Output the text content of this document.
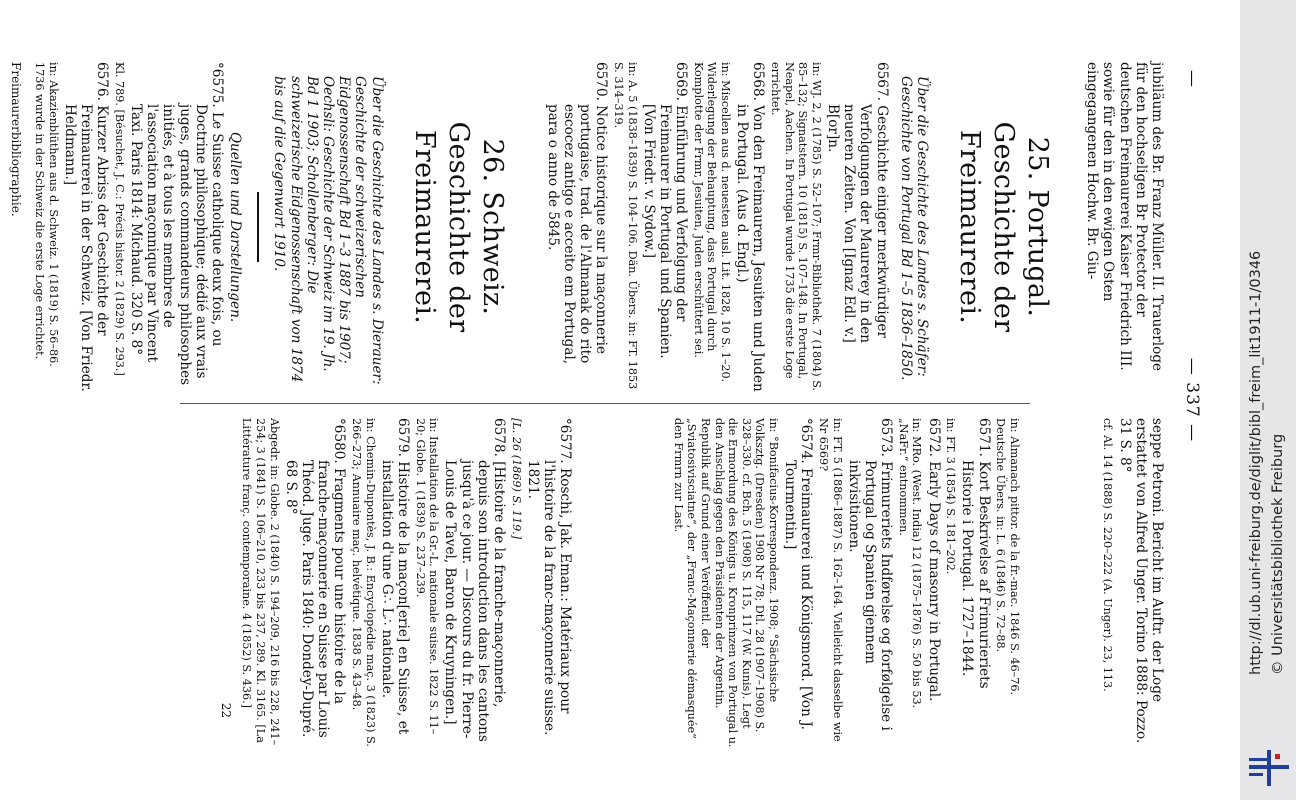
—
— 337 —

jubiläum des Br. Franz Müller. II. Trauerloge für den hochseligen Br Protector der deutschen Freimaurerei Kaiser Friedrich III. sowie für den in den ewigen Osten eingegangenen Hochw. Br. Giu-

25. Portugal. Geschichte der Freimaurerei.

Über die Geschichte des Landes s. Schäfer: Geschichte von Portugal Bd 1–5 1836–1850.

6567. Geschichte einiger merkwürdiger Verfolgungen der Maurerey in den neueren Zeiten. Von [Ignaz Edl. v.] B[or]n.

in: WJ. 2, 2 (1785) S. 52–107; Frmr-Bibliothek. 7 (1804) S. 85–132; Signatstern. 10 (1815) S. 107–148. In Portugal, Neapel, Aachen. In Portugal wurde 1735 die erste Loge errichtet.

6568. Von den Freimaurern, Jesuiten und Juden in Portugal. (Aus d. Engl.)

in: Miscellen aus d. neuesten ausl. Lit. 1828, 10 S. 1–20. Widerlegung der Behauptung, dass Portugal durch Komplotte der Frmr, Jesuiten, Juden erschüttert sei.

6569. Einführung und Verfolgung der Freimaurer in Portugal und Spanien. [Von Friedr. v. Sydow.]

in: A. 5 (1838–1839) S. 104–106. Dän. Übers. in: FT. 1853 S. 314–319.

6570. Notice historique sur la maçonnerie portugaise, trad. de l'Almanak do rito escocez antigo e acceito em Portugal, para o anno de 5845.

26. Schweiz. Geschichte der Freimaurerei.

Über die Geschichte des Landes s. Dierauer: Geschichte der schweizerischen Eidgenossenschaft Bd 1–3 1887 bis 1907; Oechsli: Geschichte der Schweiz im 19. Jh. Bd 1 1903; Schollenberger: Die schweizerische Eidgenossenschaft von 1874 bis auf die Gegenwart 1910.

Quellen und Darstellungen.

°6575. Le Suisse catholique deux fois, ou Doctrine philosophique; dédié aux vrais juges, grands commandeurs philosophes initiés, et à tous les membres de l'association maçonnique par Vincent Taxi. Paris 1814: Michaud. 320 S. 8°

Kl. 789. [Bésuchet, J. C.: Précis histor. 2 (1829) S. 293.]

6576. Kurzer Abriss der Geschichte der Freimaurerei in der Schweiz. [Von Friedr. Heldmann.]

in: Akazienblüthen aus d. Schweiz. 1 (1819) S. 56–86. 1736 wurde in der Schweiz die erste Loge errichtet.

Freimaurerbibliographie.

seppe Petroni. Bericht im Auftr. der Loge erstattet von Alfred Unger. Torino 1888: Pozzo. 31 S. 8°

cf. Al. 14 (1888) S. 220–222 (A. Unger). 23, 113.

in: Almanach pittor. de la fr.-mac. 1846 S. 46–76. Deutsche Übers. in: L. 6 (1846) S. 72–88.

6571. Kort Beskrivelse af Frimurieriets Historie i Portugal. 1727–1844.

in: FT. 3 (1854) S. 181–202.

6572. Early Days of masonry in Portugal.

in: MRo. (West. India) 12 (1875–1876) S. 50 bis 53. „NaFr.“ entnommen.

6573. Frimureriets Indførelse og forfølgelse i Portugal og Spanien gjennem inkvisitionen.

in: FT. 5 (1886–1887) S. 162–164. Vielleicht dasselbe wie Nr 6569?

°6574. Freimaurerei und Königsmord. [Von J. Tourmentin.]

in: °Bonifacius-Korrespondenz. 1908; °Sächsische Volksztg. (Dresden) 1908 Nr 78; Dtl. 28 (1907–1908) S. 328–330. cf. Bch. 5 (1908) S. 115, 117 (W. Kunis). Legt die Ermordung des Königs u. Kronprinzen von Portugal u. den Anschlag gegen den Präsidenten der Argentin. Republik auf Grund einer Veröffentl. der „Sviatosivisciatne“, der „Franc-Maçonnerie démasquée“ den Frmrn zur Last.

°6577. Roschi, Jak. Eman.: Matériaux pour l'histoire de la franc-maçonnerie suisse. 1821.

[L. 26 (1869) S. 119.]

6578. [Histoire de la franche-maçonnerie, depuis son introduction dans les cantons jusqu'à ce jour. — Discours du fr. Pierre-Louis de Tavel, Baron de Kruyningen.]

in: Installation de la Gr.-L. nationale suisse. 1822 S. 11–20; Globe. 1 (1839) S. 237–239.

6579. Histoire de la maçon[erie] en Suisse, et installation d'une G∴ L∴ nationale.

in: Chemin-Dupontès, J. B.: Encyclopédie maç. 3 (1823) S. 266–273; Annuaire maç. helvétique. 1838 S. 43–48.

°6580. Fragments pour une histoire de la franche-maçonnerie en Suisse par Louis Théod. Juge. Paris 1840: Dondey-Dupré. 68 S. 8°

Abgedr. in: Globe. 2 (1840) S. 194–209, 216 bis 228, 241–254; 3 (1841) S. 106–210, 233 bis 237, 289. Kl. 3165. [La Littérature franç. contemporaine. 4 (1852) S. 436.]

22

http://dl.ub.uni-freiburg.de/diglit/bibl_freim_lit1911-1/0346 © Universitätsbibliothek Freiburg
